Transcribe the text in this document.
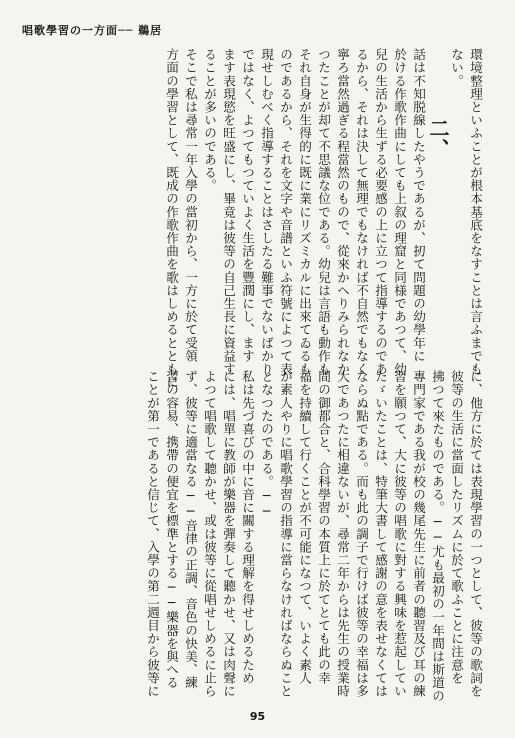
唱歌學習の一方面── 鵜居
環境整理といふことが根本基底をなすことは言ふまでも
ない。
二、
話は不知脱線したやうであるが、扨て問題の幼學年に
於ける作歌作曲にしても上叙の理窟と同様であつて、幼
兒の生活から生ずる必要感の上に立つて指導するのであ
るから、それは決して無理でもなければ不自然でもなく
寧ろ當然過ぎる程當然のもので、從來かへりみられなか
つたことが却て不思議な位である。幼兒は言語も動作も
それ自身が生得的に既に業にリズミカルに出來てゐるも
のであるから、それを文字や音譜といふ符號によつて表
現せしむべく指導することはさしたる難事でないばかり
ではなく、よつてもつていよく生活を豐潤にし、ます
ます表現慾を旺盛にし、畢竟は彼等の自己生長に資益す
ることが多いのである。
そこで私は尋常一年入學の當初から、一方に於て受領
方面の學習として、既成の作歌作曲を歌はしめるとともに
に、他方に於ては表現學習の一つとして、彼等の歌詞を
彼等の生活に當面したリズムに於て歌ふことに注意を
拂つて來たものである。──尤も最初の一年間は斯道の
專門家である我が校の幾尾先生に前者の聽習及び耳の練
習を願つて、大に彼等の唱歌に對する興味を惹起してい
たゞいたことは、特筆大書して感謝の意を表せなくては
ならぬ點である。而も此の調子で行けば彼等の幸福は多
大であつたに相違ないが、尋常二年からは先生の授業時
間の御都合と、合科學習の本質上に於てとても此の幸
福を持續して行くことが不可能になつて、いよく素人
が素人やりに唱歌學習の指導に當らなければならぬこと
となつたのである。──
私は先づ喜びの中に音に關する理解を得せしめるため
には、唱單に教師が樂器を彈奏して聽かせ、又は肉聲に
よつて唱歌して聽かせ、或は彼等に從唱せしめるに止ら
ず、彼等に適當なる──音律の正調、音色の快美、練
習の容易、携帶の便宜を標準とする──樂器を與へる
ことが第一であると信じて、入學の第二週目から彼等に
95
